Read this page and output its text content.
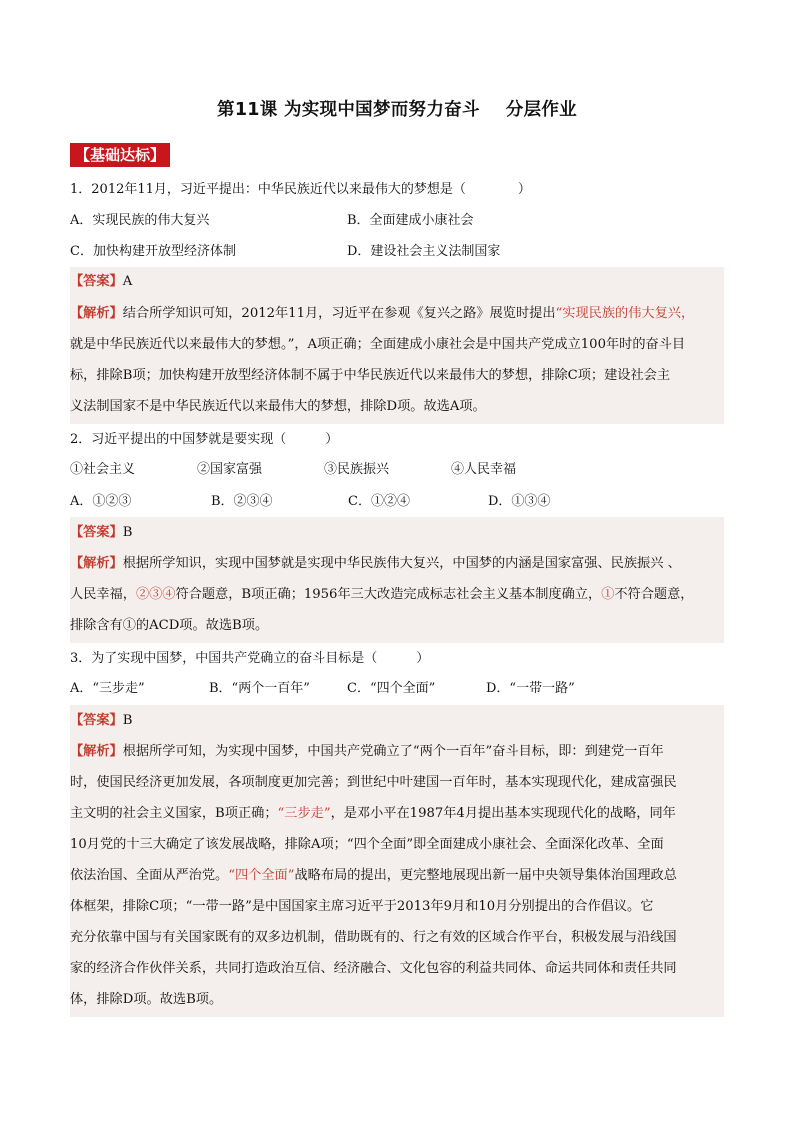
第11课 为实现中国梦而努力奋斗 分层作业
【基础达标】
1．2012年11月，习近平提出：中华民族近代以来最伟大的梦想是（　　　　）
A．实现民族的伟大复兴	B．全面建成小康社会
C．加快构建开放型经济体制	D．建设社会主义法制国家
【答案】A
【解析】结合所学知识可知，2012年11月，习近平在参观《复兴之路》展览时提出“实现民族的伟大复兴，
就是中华民族近代以来最伟大的梦想。”，A项正确；全面建成小康社会是中国共产党成立100年时的奋斗目
标，排除B项；加快构建开放型经济体制不属于中华民族近代以来最伟大的梦想，排除C项；建设社会主
义法制国家不是中华民族近代以来最伟大的梦想，排除D项。故选A项。
2．习近平提出的中国梦就是要实现（　　　）
①社会主义	②国家富强	③民族振兴	④人民幸福
A．①②③	B．②③④	C．①②④	D．①③④
【答案】B
【解析】根据所学知识，实现中国梦就是实现中华民族伟大复兴，中国梦的内涵是国家富强、民族振兴 、
人民幸福，②③④符合题意，B项正确；1956年三大改造完成标志社会主义基本制度确立，①不符合题意，
排除含有①的ACD项。故选B项。
3．为了实现中国梦，中国共产党确立的奋斗目标是（　　　）
A．“三步走”	B．“两个一百年”	C．“四个全面”	D．“一带一路”
【答案】B
【解析】根据所学可知，为实现中国梦，中国共产党确立了“两个一百年”奋斗目标，即：到建党一百年
时，使国民经济更加发展，各项制度更加完善；到世纪中叶建国一百年时，基本实现现代化，建成富强民
主文明的社会主义国家，B项正确；“三步走”，是邓小平在1987年4月提出基本实现现代化的战略，同年
10月党的十三大确定了该发展战略，排除A项；“四个全面”即全面建成小康社会、全面深化改革、全面
依法治国、全面从严治党。“四个全面”战略布局的提出，更完整地展现出新一届中央领导集体治国理政总
体框架，排除C项；“一带一路”是中国国家主席习近平于2013年9月和10月分别提出的合作倡议。它
充分依靠中国与有关国家既有的双多边机制，借助既有的、行之有效的区域合作平台，积极发展与沿线国
家的经济合作伙伴关系，共同打造政治互信、经济融合、文化包容的利益共同体、命运共同体和责任共同
体，排除D项。故选B项。
